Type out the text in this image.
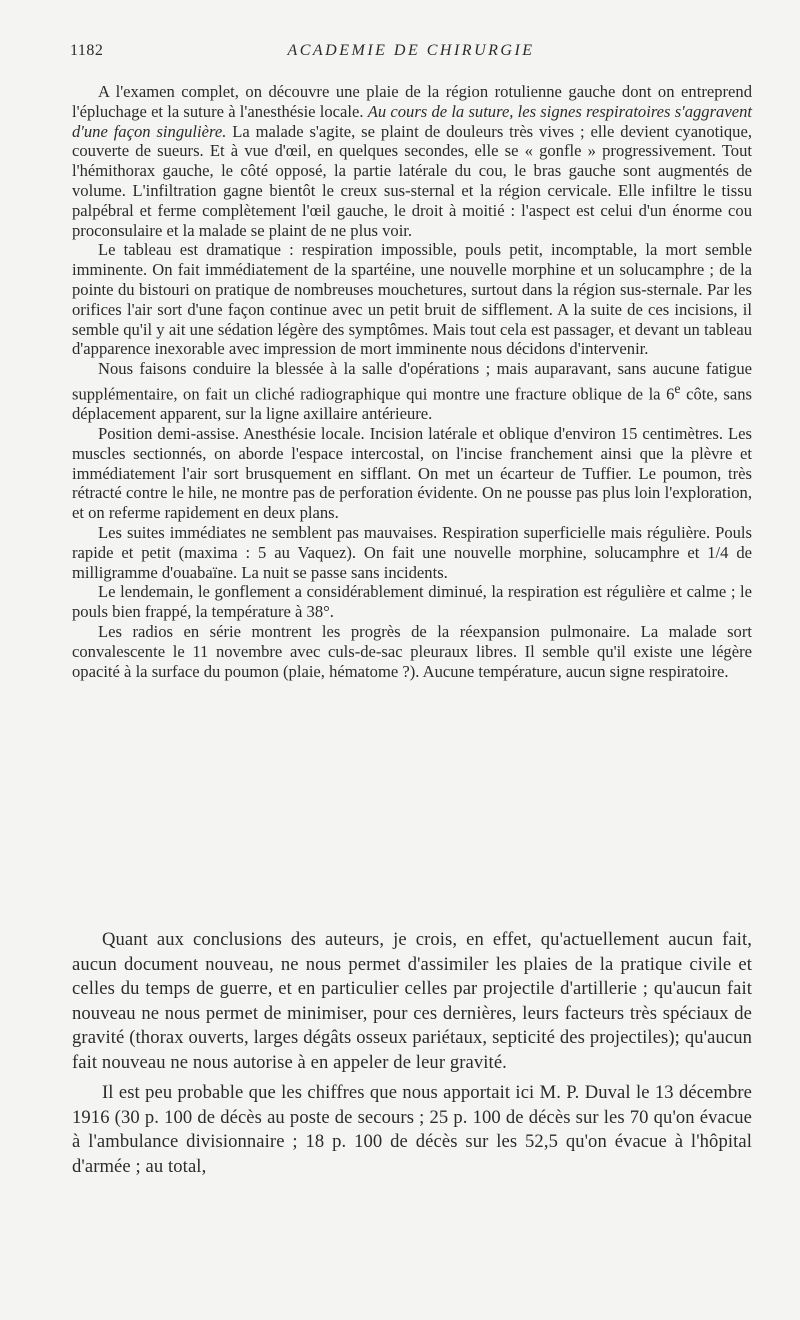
1182	ACADEMIE DE CHIRURGIE

A l'examen complet, on découvre une plaie de la région rotulienne gauche dont on entreprend l'épluchage et la suture à l'anesthésie locale. Au cours de la suture, les signes respiratoires s'aggravent d'une façon singulière. La malade s'agite, se plaint de douleurs très vives ; elle devient cyanotique, couverte de sueurs. Et à vue d'œil, en quelques secondes, elle se « gonfle » progressivement. Tout l'hémithorax gauche, le côté opposé, la partie latérale du cou, le bras gauche sont augmentés de volume. L'infiltration gagne bientôt le creux sus-sternal et la région cervicale. Elle infiltre le tissu palpébral et ferme complètement l'œil gauche, le droit à moitié : l'aspect est celui d'un énorme cou proconsulaire et la malade se plaint de ne plus voir.

Le tableau est dramatique : respiration impossible, pouls petit, incomptable, la mort semble imminente. On fait immédiatement de la spartéine, une nouvelle morphine et un solucamphre ; de la pointe du bistouri on pratique de nombreuses mouchetures, surtout dans la région sus-sternale. Par les orifices l'air sort d'une façon continue avec un petit bruit de sifflement. A la suite de ces incisions, il semble qu'il y ait une sédation légère des symptômes. Mais tout cela est passager, et devant un tableau d'apparence inexorable avec impression de mort imminente nous décidons d'intervenir.

Nous faisons conduire la blessée à la salle d'opérations ; mais auparavant, sans aucune fatigue supplémentaire, on fait un cliché radiographique qui montre une fracture oblique de la 6e côte, sans déplacement apparent, sur la ligne axillaire antérieure.

Position demi-assise. Anesthésie locale. Incision latérale et oblique d'environ 15 centimètres. Les muscles sectionnés, on aborde l'espace intercostal, on l'incise franchement ainsi que la plèvre et immédiatement l'air sort brusquement en sifflant. On met un écarteur de Tuffier. Le poumon, très rétracté contre le hile, ne montre pas de perforation évidente. On ne pousse pas plus loin l'exploration, et on referme rapidement en deux plans.

Les suites immédiates ne semblent pas mauvaises. Respiration superficielle mais régulière. Pouls rapide et petit (maxima : 5 au Vaquez). On fait une nouvelle morphine, solucamphre et 1/4 de milligramme d'ouabaïne. La nuit se passe sans incidents.

Le lendemain, le gonflement a considérablement diminué, la respiration est régulière et calme ; le pouls bien frappé, la température à 38°.

Les radios en série montrent les progrès de la réexpansion pulmonaire. La malade sort convalescente le 11 novembre avec culs-de-sac pleuraux libres. Il semble qu'il existe une légère opacité à la surface du poumon (plaie, hématome ?). Aucune température, aucun signe respiratoire.

Quant aux conclusions des auteurs, je crois, en effet, qu'actuellement aucun fait, aucun document nouveau, ne nous permet d'assimiler les plaies de la pratique civile et celles du temps de guerre, et en particulier celles par projectile d'artillerie ; qu'aucun fait nouveau ne nous permet de minimiser, pour ces dernières, leurs facteurs très spéciaux de gravité (thorax ouverts, larges dégâts osseux pariétaux, septicité des projectiles); qu'aucun fait nouveau ne nous autorise à en appeler de leur gravité.

Il est peu probable que les chiffres que nous apportait ici M. P. Duval le 13 décembre 1916 (30 p. 100 de décès au poste de secours ; 25 p. 100 de décès sur les 70 qu'on évacue à l'ambulance divisionnaire ; 18 p. 100 de décès sur les 52,5 qu'on évacue à l'hôpital d'armée ; au total,
